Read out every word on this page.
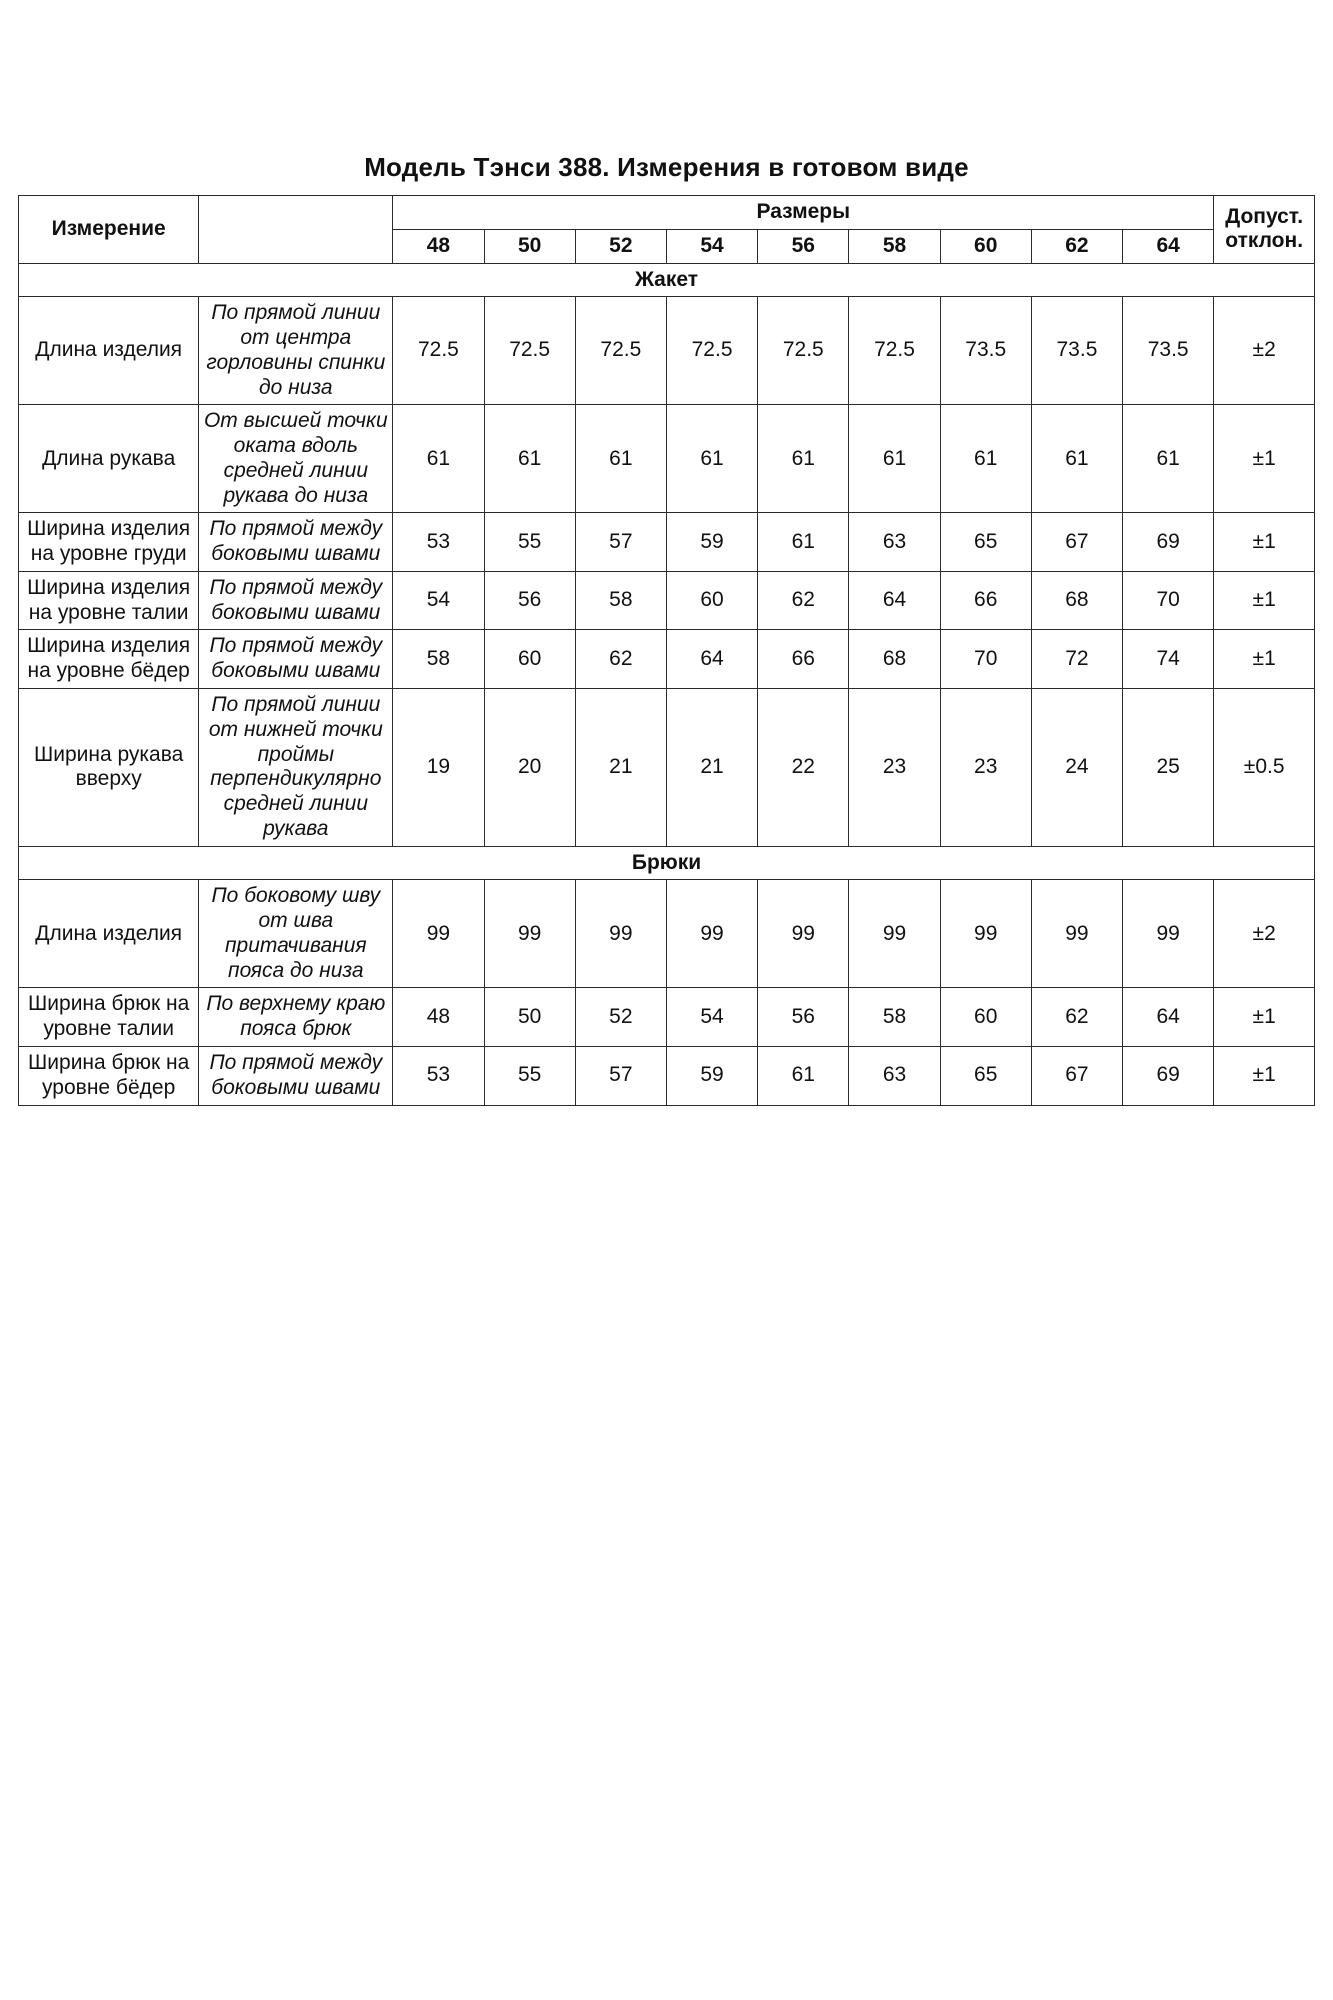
Модель Тэнси 388. Измерения в готовом виде
Измерение		Размеры									Допуст. отклон.
		48	50	52	54	56	58	60	62	64	
Жакет											
Длина изделия	По прямой линии от центра горловины спинки до низа	72.5	72.5	72.5	72.5	72.5	72.5	73.5	73.5	73.5	±2
Длина рукава	От высшей точки оката вдоль средней линии рукава до низа	61	61	61	61	61	61	61	61	61	±1
Ширина изделия на уровне груди	По прямой между боковыми швами	53	55	57	59	61	63	65	67	69	±1
Ширина изделия на уровне талии	По прямой между боковыми швами	54	56	58	60	62	64	66	68	70	±1
Ширина изделия на уровне бёдер	По прямой между боковыми швами	58	60	62	64	66	68	70	72	74	±1
Ширина рукава вверху	По прямой линии от нижней точки проймы перпендикулярно средней линии рукава	19	20	21	21	22	23	23	24	25	±0.5
Брюки											
Длина изделия	По боковому шву от шва притачивания пояса до низа	99	99	99	99	99	99	99	99	99	±2
Ширина брюк на уровне талии	По верхнему краю пояса брюк	48	50	52	54	56	58	60	62	64	±1
Ширина брюк на уровне бёдер	По прямой между боковыми швами	53	55	57	59	61	63	65	67	69	±1
